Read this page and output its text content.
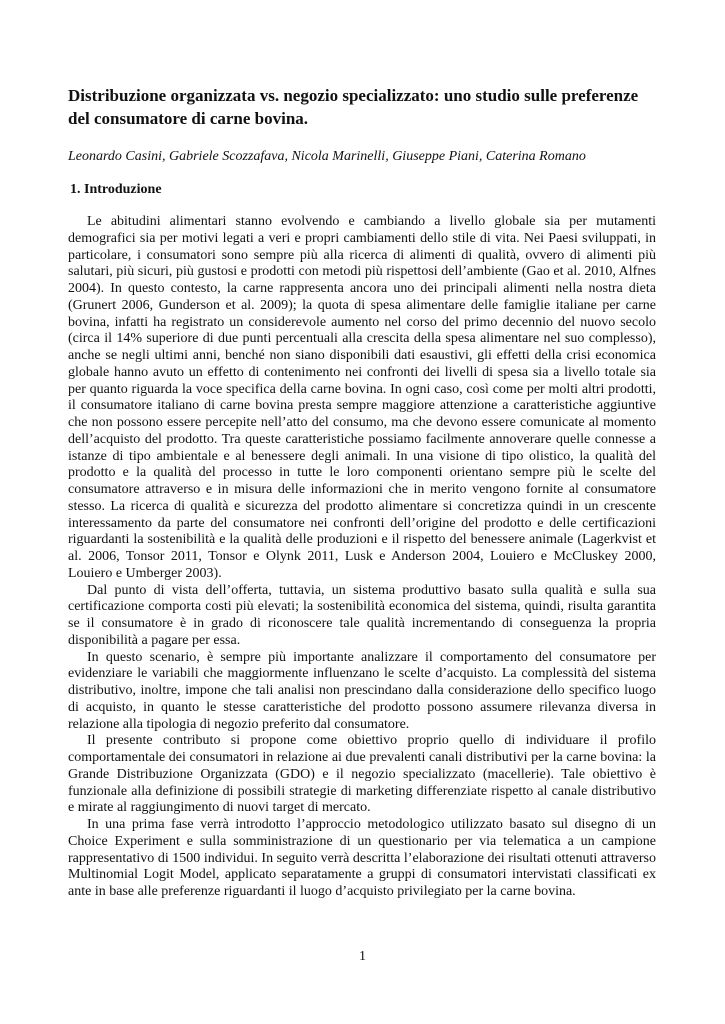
Distribuzione organizzata vs. negozio specializzato: uno studio sulle preferenze del consumatore di carne bovina.
Leonardo Casini, Gabriele Scozzafava, Nicola Marinelli, Giuseppe Piani, Caterina Romano
1. Introduzione

Le abitudini alimentari stanno evolvendo e cambiando a livello globale sia per mutamenti demografici sia per motivi legati a veri e propri cambiamenti dello stile di vita. Nei Paesi sviluppati, in particolare, i consumatori sono sempre più alla ricerca di alimenti di qualità, ovvero di alimenti più salutari, più sicuri, più gustosi e prodotti con metodi più rispettosi dell’ambiente (Gao et al. 2010, Alfnes 2004). In questo contesto, la carne rappresenta ancora uno dei principali alimenti nella nostra dieta (Grunert 2006, Gunderson et al. 2009); la quota di spesa alimentare delle famiglie italiane per carne bovina, infatti ha registrato un considerevole aumento nel corso del primo decennio del nuovo secolo (circa il 14% superiore di due punti percentuali alla crescita della spesa alimentare nel suo complesso), anche se negli ultimi anni, benché non siano disponibili dati esaustivi, gli effetti della crisi economica globale hanno avuto un effetto di contenimento nei confronti dei livelli di spesa sia a livello totale sia per quanto riguarda la voce specifica della carne bovina. In ogni caso, così come per molti altri prodotti, il consumatore italiano di carne bovina presta sempre maggiore attenzione a caratteristiche aggiuntive che non possono essere percepite nell’atto del consumo, ma che devono essere comunicate al momento dell’acquisto del prodotto. Tra queste caratteristiche possiamo facilmente annoverare quelle connesse a istanze di tipo ambientale e al benessere degli animali. In una visione di tipo olistico, la qualità del prodotto e la qualità del processo in tutte le loro componenti orientano sempre più le scelte del consumatore attraverso e in misura delle informazioni che in merito vengono fornite al consumatore stesso. La ricerca di qualità e sicurezza del prodotto alimentare si concretizza quindi in un crescente interessamento da parte del consumatore nei confronti dell’origine del prodotto e delle certificazioni riguardanti la sostenibilità e la qualità delle produzioni e il rispetto del benessere animale (Lagerkvist et al. 2006, Tonsor 2011, Tonsor e Olynk 2011, Lusk e Anderson 2004, Louiero e McCluskey 2000, Louiero e Umberger 2003).

Dal punto di vista dell’offerta, tuttavia, un sistema produttivo basato sulla qualità e sulla sua certificazione comporta costi più elevati; la sostenibilità economica del sistema, quindi, risulta garantita se il consumatore è in grado di riconoscere tale qualità incrementando di conseguenza la propria disponibilità a pagare per essa.

In questo scenario, è sempre più importante analizzare il comportamento del consumatore per evidenziare le variabili che maggiormente influenzano le scelte d’acquisto. La complessità del sistema distributivo, inoltre, impone che tali analisi non prescindano dalla considerazione dello specifico luogo di acquisto, in quanto le stesse caratteristiche del prodotto possono assumere rilevanza diversa in relazione alla tipologia di negozio preferito dal consumatore.

Il presente contributo si propone come obiettivo proprio quello di individuare il profilo comportamentale dei consumatori in relazione ai due prevalenti canali distributivi per la carne bovina: la Grande Distribuzione Organizzata (GDO) e il negozio specializzato (macellerie). Tale obiettivo è funzionale alla definizione di possibili strategie di marketing differenziate rispetto al canale distributivo e mirate al raggiungimento di nuovi target di mercato.

In una prima fase verrà introdotto l’approccio metodologico utilizzato basato sul disegno di un Choice Experiment e sulla somministrazione di un questionario per via telematica a un campione rappresentativo di 1500 individui. In seguito verrà descritta l’elaborazione dei risultati ottenuti attraverso Multinomial Logit Model, applicato separatamente a gruppi di consumatori intervistati classificati ex ante in base alle preferenze riguardanti il luogo d’acquisto privilegiato per la carne bovina.

1
